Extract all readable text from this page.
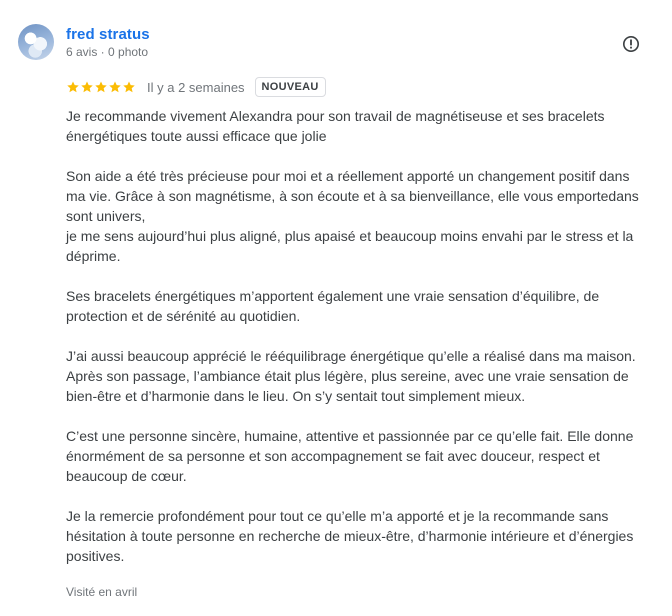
fred stratus
6 avis · 0 photo
Il y a 2 semaines	NOUVEAU

Je recommande vivement Alexandra pour son travail de magnétiseuse et ses bracelets

énergétiques toute aussi efficace que jolie

Son aide a été très précieuse pour moi et a réellement apporté un changement positif dans

ma vie. Grâce à son magnétisme, à son écoute et à sa bienveillance, elle vous emportedans

sont univers,

je me sens aujourd’hui plus aligné, plus apaisé et beaucoup moins envahi par le stress et la

déprime.

Ses bracelets énergétiques m’apportent également une vraie sensation d’équilibre, de

protection et de sérénité au quotidien.

J’ai aussi beaucoup apprécié le rééquilibrage énergétique qu’elle a réalisé dans ma maison.

Après son passage, l’ambiance était plus légère, plus sereine, avec une vraie sensation de

bien-être et d’harmonie dans le lieu. On s’y sentait tout simplement mieux.

C’est une personne sincère, humaine, attentive et passionnée par ce qu’elle fait. Elle donne

énormément de sa personne et son accompagnement se fait avec douceur, respect et

beaucoup de cœur.

Je la remercie profondément pour tout ce qu’elle m’a apporté et je la recommande sans

hésitation à toute personne en recherche de mieux-être, d’harmonie intérieure et d’énergies

positives.

Visité en avril
